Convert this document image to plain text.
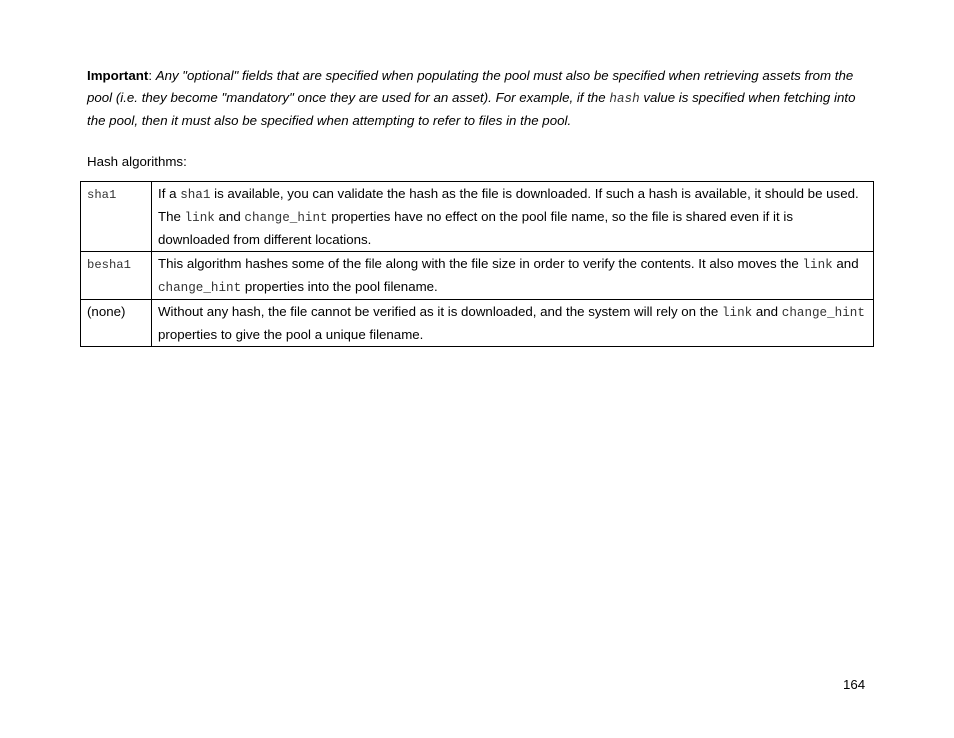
Important: Any "optional" fields that are specified when populating the pool must also be specified when retrieving assets from the pool (i.e. they become "mandatory" once they are used for an asset). For example, if the hash value is specified when fetching into the pool, then it must also be specified when attempting to refer to files in the pool.

Hash algorithms:

sha1	If a sha1 is available, you can validate the hash as the file is downloaded. If such a hash is available, it should be used. The link and change_hint properties have no effect on the pool file name, so the file is shared even if it is downloaded from different locations.
besha1	This algorithm hashes some of the file along with the file size in order to verify the contents. It also moves the link and change_hint properties into the pool filename.
(none)	Without any hash, the file cannot be verified as it is downloaded, and the system will rely on the link and change_hint properties to give the pool a unique filename.
164
